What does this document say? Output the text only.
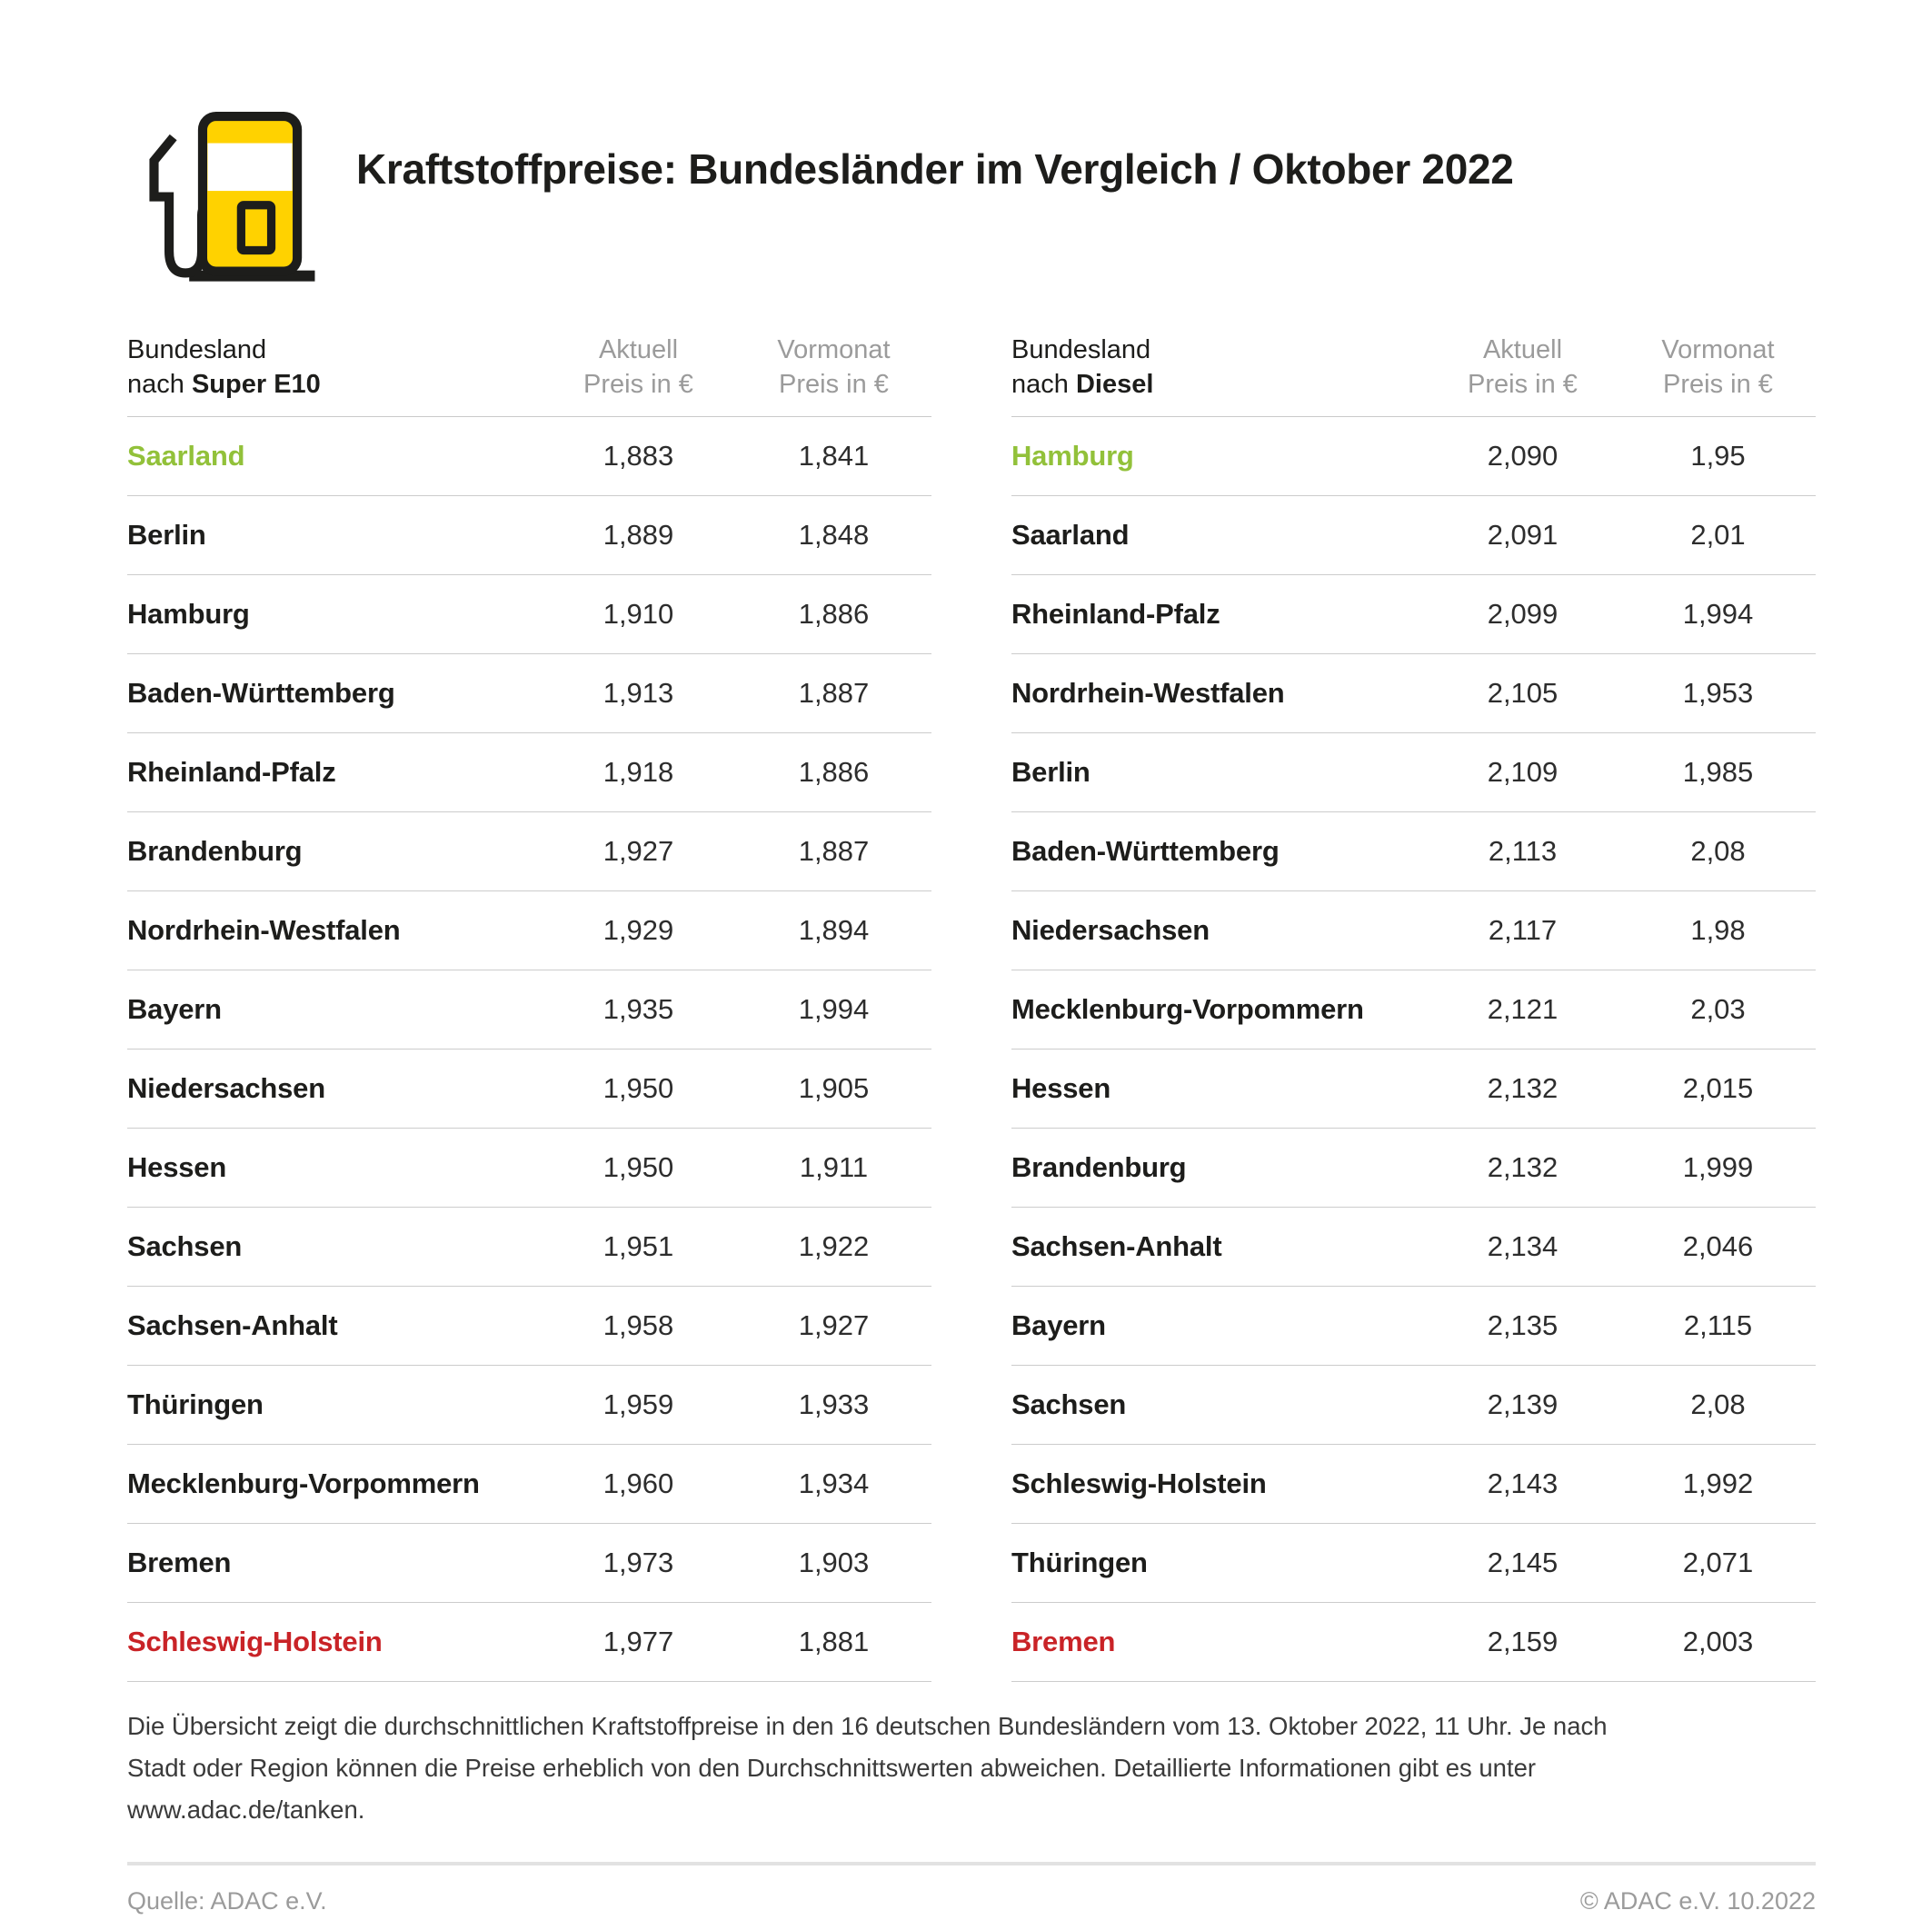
Kraftstoffpreise: Bundesländer im Vergleich / Oktober 2022
Bundesland
nach Super E10
Aktuell
Preis in €
Vormonat
Preis in €
Saarland	1,883	1,841
Berlin	1,889	1,848
Hamburg	1,910	1,886
Baden-Württemberg	1,913	1,887
Rheinland-Pfalz	1,918	1,886
Brandenburg	1,927	1,887
Nordrhein-Westfalen	1,929	1,894
Bayern	1,935	1,994
Niedersachsen	1,950	1,905
Hessen	1,950	1,911
Sachsen	1,951	1,922
Sachsen-Anhalt	1,958	1,927
Thüringen	1,959	1,933
Mecklenburg-Vorpommern	1,960	1,934
Bremen	1,973	1,903
Schleswig-Holstein	1,977	1,881
Bundesland
nach Diesel
Aktuell
Preis in €
Vormonat
Preis in €
Hamburg	2,090	1,95
Saarland	2,091	2,01
Rheinland-Pfalz	2,099	1,994
Nordrhein-Westfalen	2,105	1,953
Berlin	2,109	1,985
Baden-Württemberg	2,113	2,08
Niedersachsen	2,117	1,98
Mecklenburg-Vorpommern	2,121	2,03
Hessen	2,132	2,015
Brandenburg	2,132	1,999
Sachsen-Anhalt	2,134	2,046
Bayern	2,135	2,115
Sachsen	2,139	2,08
Schleswig-Holstein	2,143	1,992
Thüringen	2,145	2,071
Bremen	2,159	2,003

Die Übersicht zeigt die durchschnittlichen Kraftstoffpreise in den 16 deutschen Bundesländern vom 13. Oktober 2022, 11 Uhr. Je nach Stadt oder Region können die Preise erheblich von den Durchschnittswerten abweichen. Detaillierte Informationen gibt es unter www.adac.de/tanken.

Quelle: ADAC e.V.	© ADAC e.V. 10.2022
